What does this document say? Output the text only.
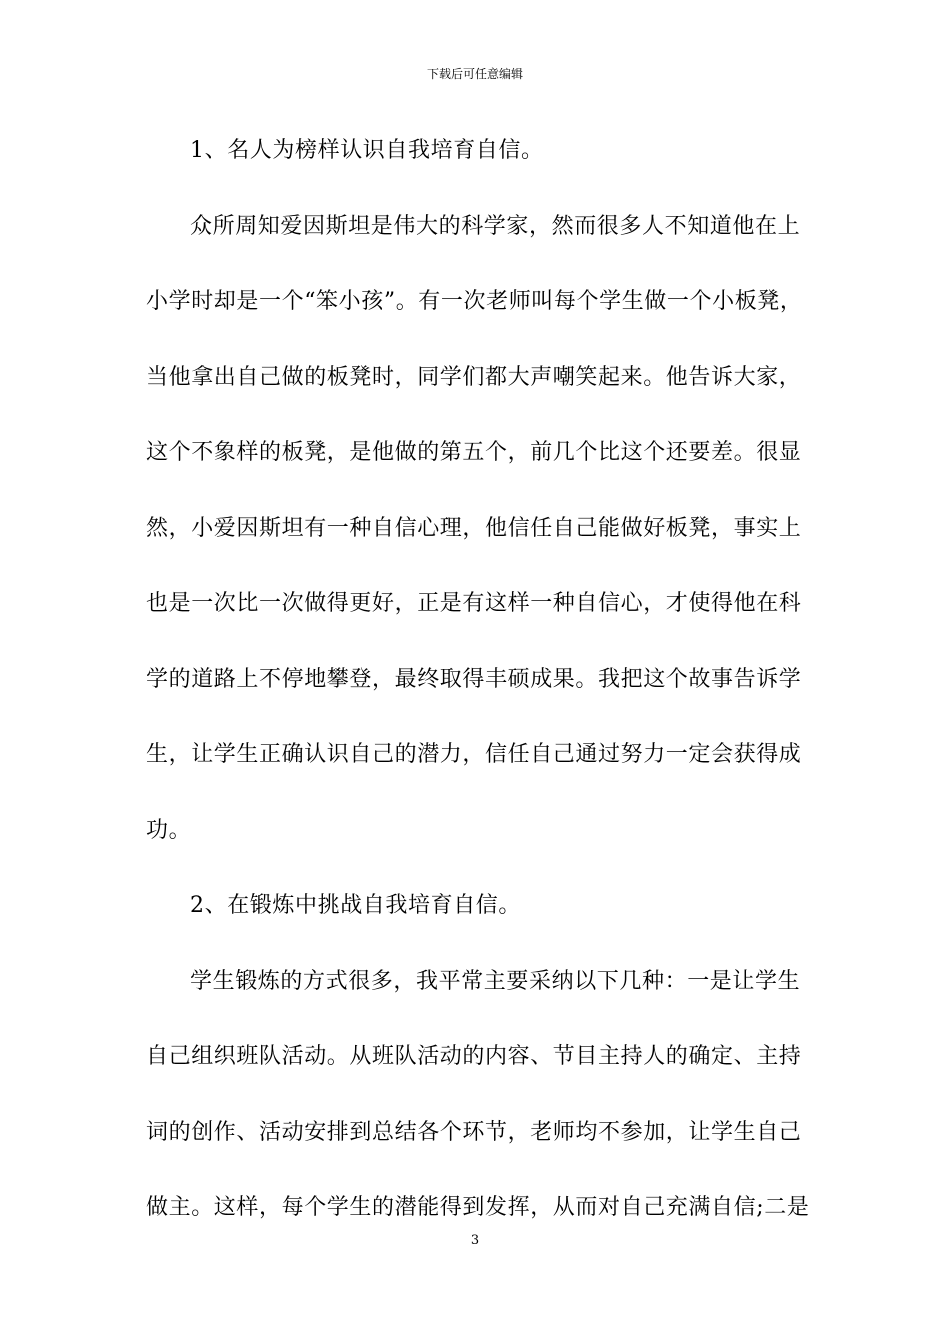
下载后可任意编辑
1、名人为榜样认识自我培育自信。
众所周知爱因斯坦是伟大的科学家，然而很多人不知道他在上
小学时却是一个“笨小孩”。有一次老师叫每个学生做一个小板凳，
当他拿出自己做的板凳时，同学们都大声嘲笑起来。他告诉大家，
这个不象样的板凳，是他做的第五个，前几个比这个还要差。很显
然，小爱因斯坦有一种自信心理，他信任自己能做好板凳，事实上
也是一次比一次做得更好，正是有这样一种自信心，才使得他在科
学的道路上不停地攀登，最终取得丰硕成果。我把这个故事告诉学
生，让学生正确认识自己的潜力，信任自己通过努力一定会获得成
功。
2、在锻炼中挑战自我培育自信。
学生锻炼的方式很多，我平常主要采纳以下几种：一是让学生
自己组织班队活动。从班队活动的内容、节目主持人的确定、主持
词的创作、活动安排到总结各个环节，老师均不参加，让学生自己
做主。这样，每个学生的潜能得到发挥，从而对自己充满自信;二是
3
